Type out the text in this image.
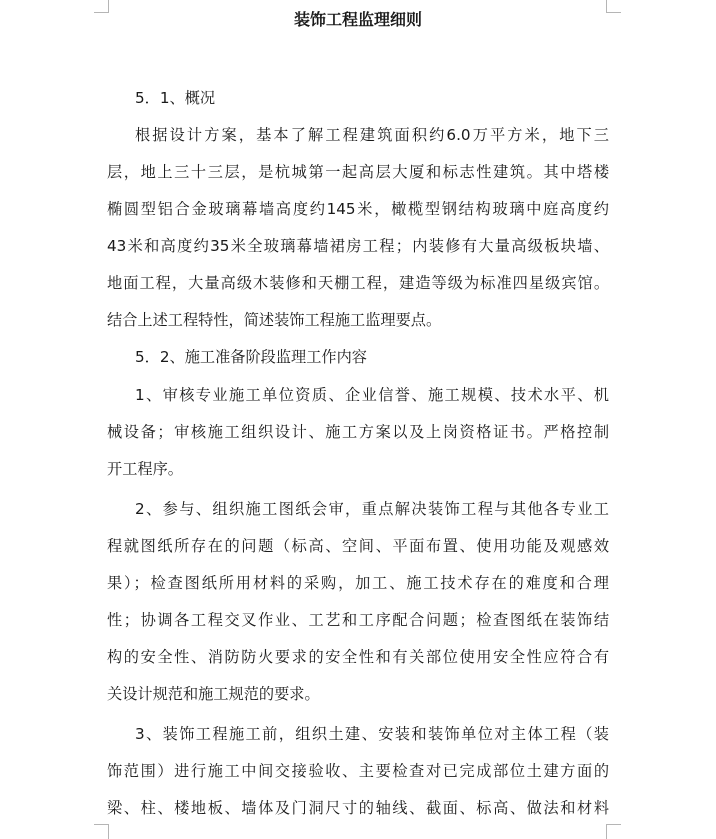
装饰工程监理细则
5．1、概况
根据设计方案，基本了解工程建筑面积约6.0万平方米，地下三
层，地上三十三层，是杭城第一起高层大厦和标志性建筑。其中塔楼
椭圆型铝合金玻璃幕墙高度约145米，橄榄型钢结构玻璃中庭高度约
43米和高度约35米全玻璃幕墙裙房工程；内装修有大量高级板块墙、
地面工程，大量高级木装修和天棚工程，建造等级为标准四星级宾馆。
结合上述工程特性，简述装饰工程施工监理要点。
5．2、施工准备阶段监理工作内容
1、审核专业施工单位资质、企业信誉、施工规模、技术水平、机
械设备；审核施工组织设计、施工方案以及上岗资格证书。严格控制
开工程序。
2、参与、组织施工图纸会审，重点解决装饰工程与其他各专业工
程就图纸所存在的问题（标高、空间、平面布置、使用功能及观感效
果）；检查图纸所用材料的采购，加工、施工技术存在的难度和合理
性；协调各工程交叉作业、工艺和工序配合问题；检查图纸在装饰结
构的安全性、消防防火要求的安全性和有关部位使用安全性应符合有
关设计规范和施工规范的要求。
3、装饰工程施工前，组织土建、安装和装饰单位对主体工程（装
饰范围）进行施工中间交接验收、主要检查对已完成部位土建方面的
梁、柱、楼地板、墙体及门洞尺寸的轴线、截面、标高、做法和材料
